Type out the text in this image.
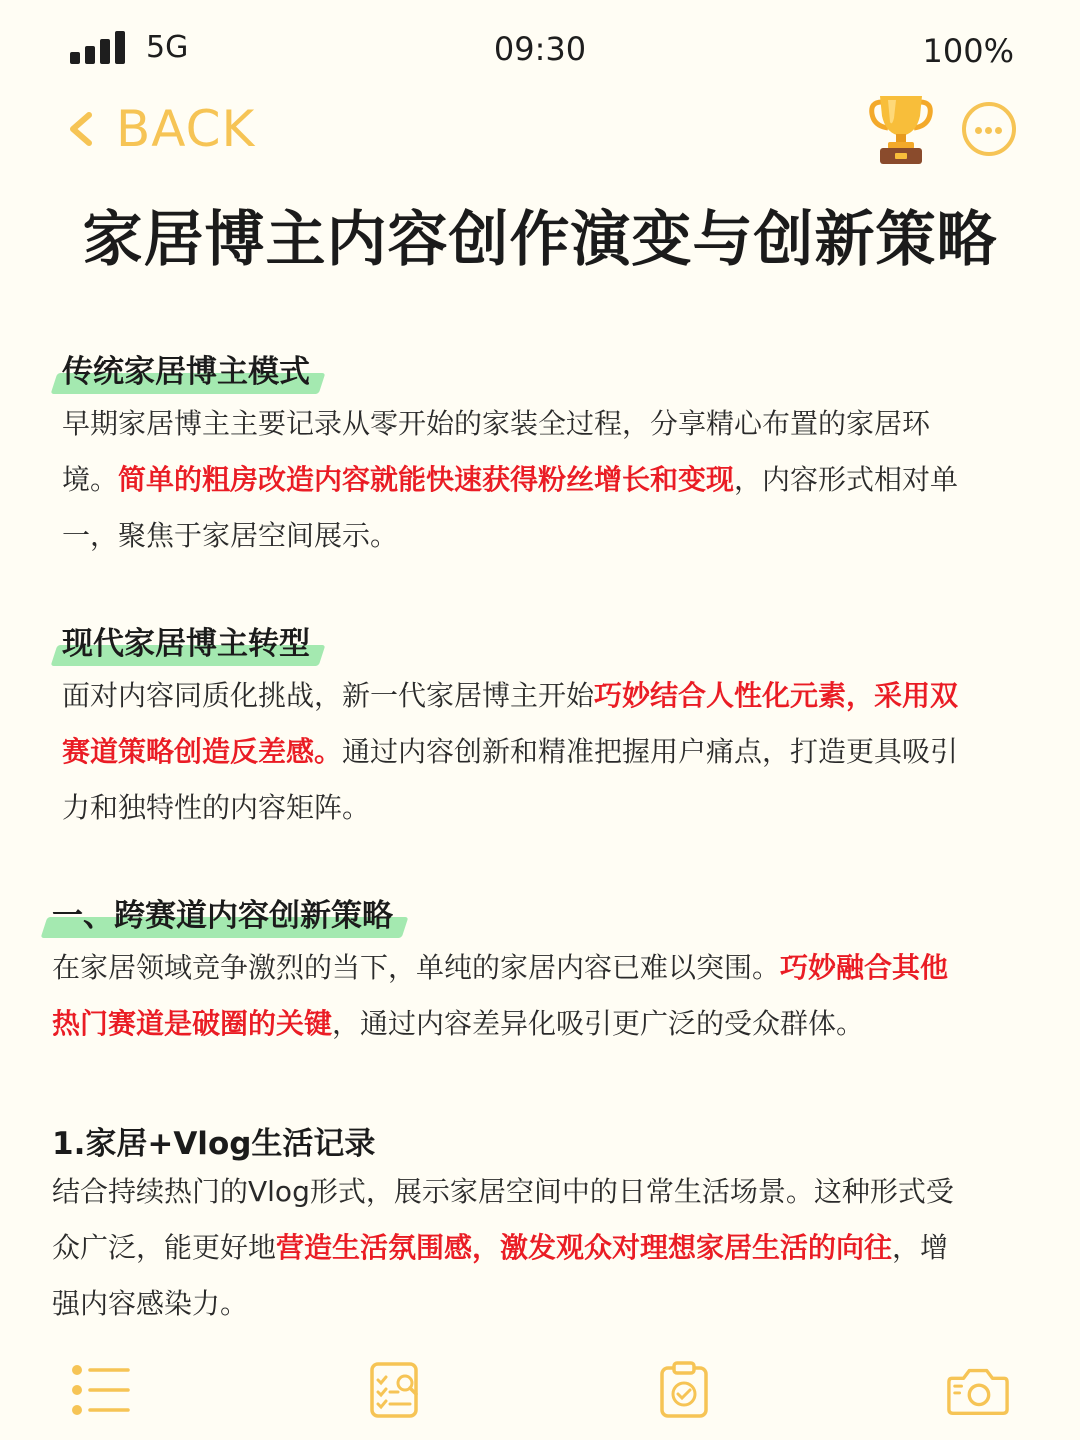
5G	09:30	100%
BACK
家居博主内容创作演变与创新策略
传统家居博主模式
早期家居博主主要记录从零开始的家装全过程，分享精心布置的家居环
境。简单的粗房改造内容就能快速获得粉丝增长和变现，内容形式相对单
一，聚焦于家居空间展示。
现代家居博主转型
面对内容同质化挑战，新一代家居博主开始巧妙结合人性化元素，采用双
赛道策略创造反差感。通过内容创新和精准把握用户痛点，打造更具吸引
力和独特性的内容矩阵。
一、跨赛道内容创新策略
在家居领域竞争激烈的当下，单纯的家居内容已难以突围。巧妙融合其他
热门赛道是破圈的关键，通过内容差异化吸引更广泛的受众群体。
1.家居+Vlog生活记录
结合持续热门的Vlog形式，展示家居空间中的日常生活场景。这种形式受
众广泛，能更好地营造生活氛围感，激发观众对理想家居生活的向往，增
强内容感染力。
